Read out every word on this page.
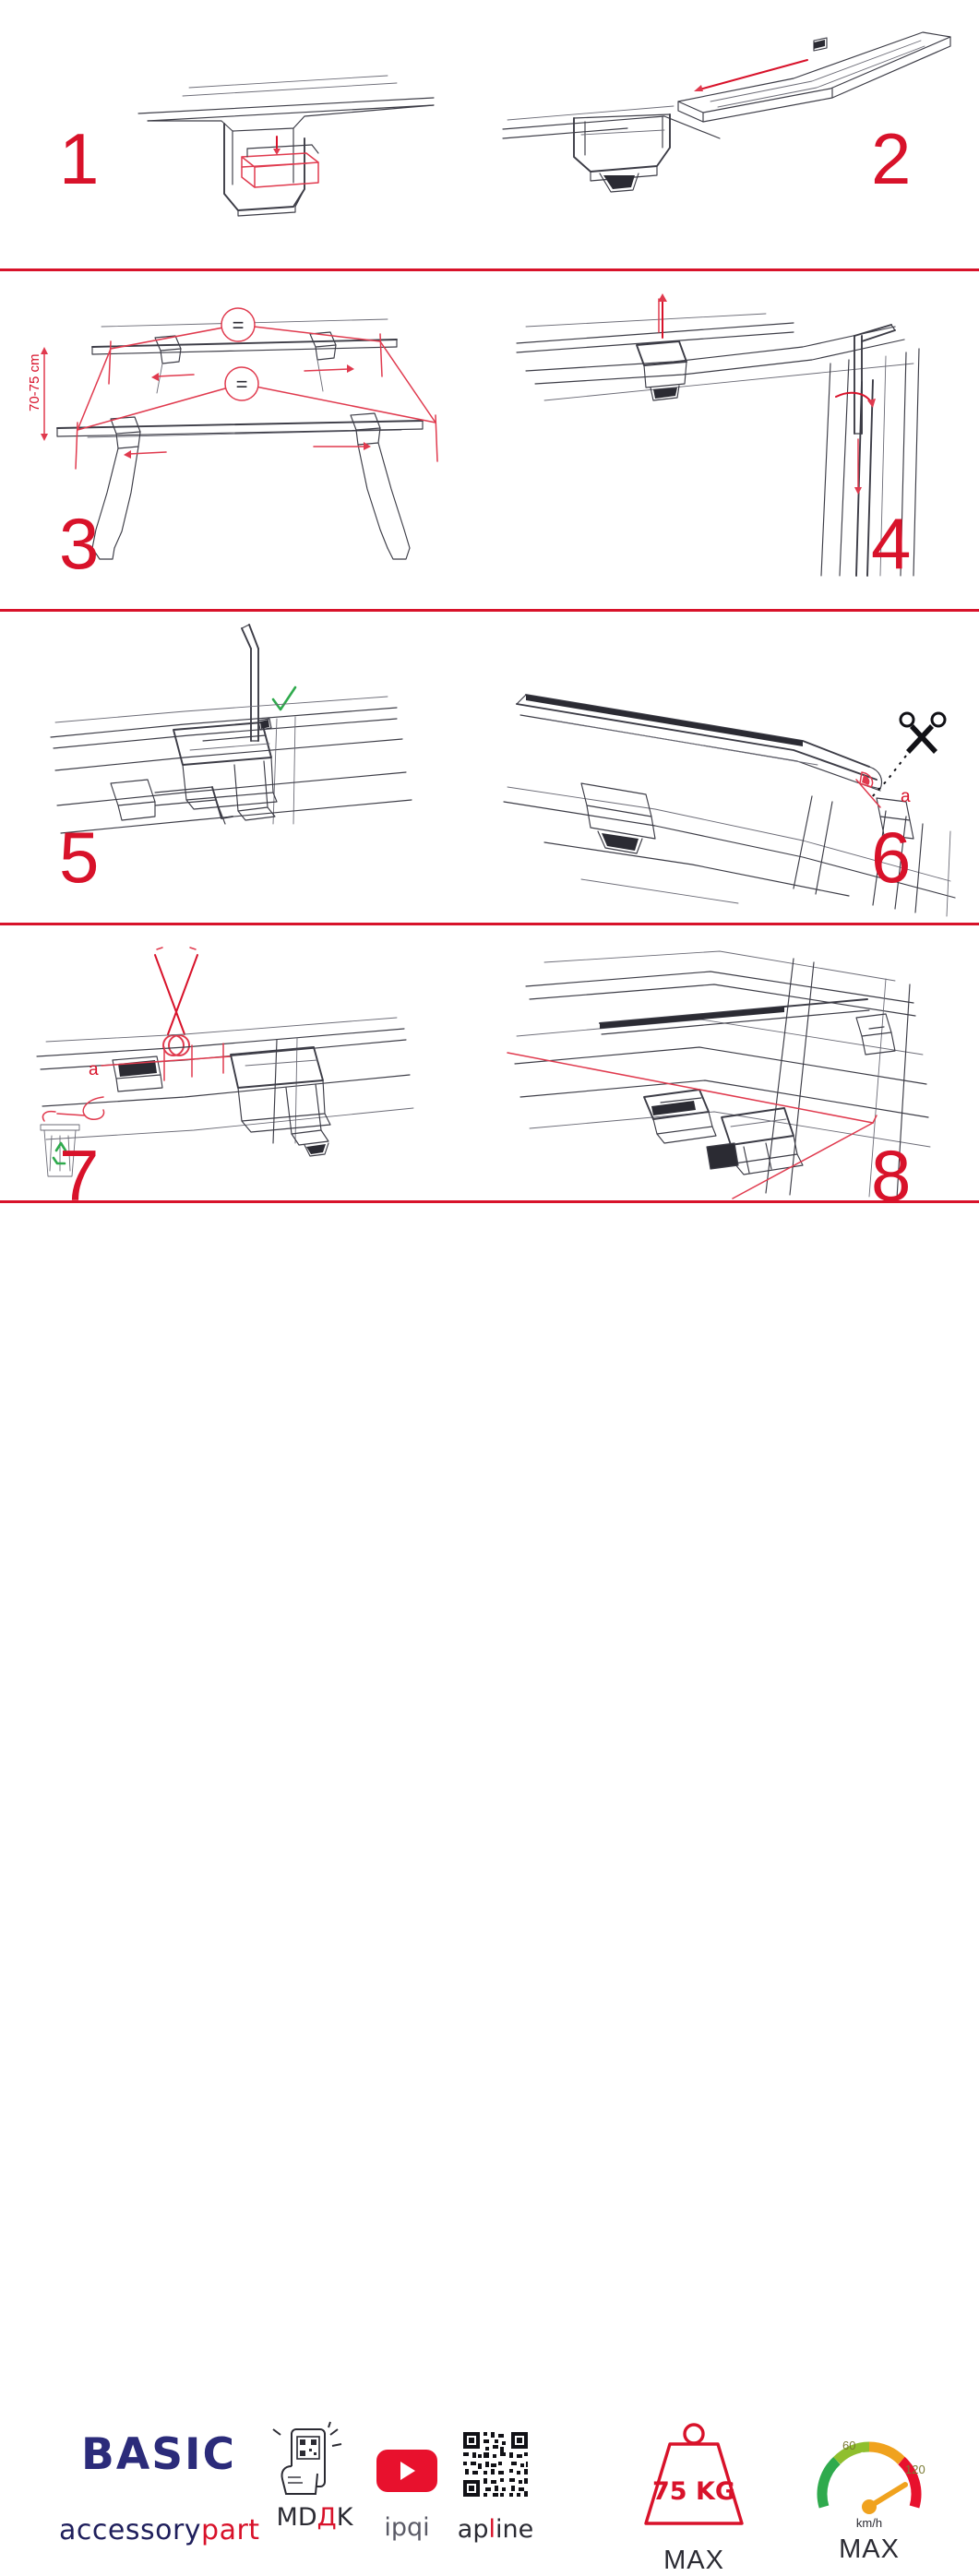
1	2
=
=
70-75 cm
3	4
5
a
6
a
7	8
BASIC
accessorypart MDДK	ipqi	apline
75 KG
MAX
60
120
km/h
MAX
